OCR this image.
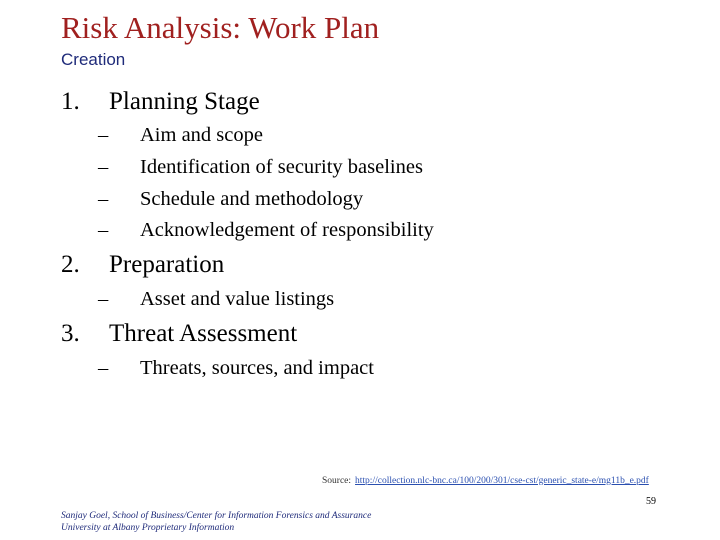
Risk Analysis: Work Plan
Creation
1. Planning Stage
– Aim and scope
– Identification of security baselines
– Schedule and methodology
– Acknowledgement of responsibility
2. Preparation
– Asset and value listings
3. Threat Assessment
– Threats, sources, and impact
Source: http://collection.nlc-bnc.ca/100/200/301/cse-cst/generic_state-e/mg11b_e.pdf
59
Sanjay Goel, School of Business/Center for Information Forensics and Assurance
University at Albany Proprietary Information
